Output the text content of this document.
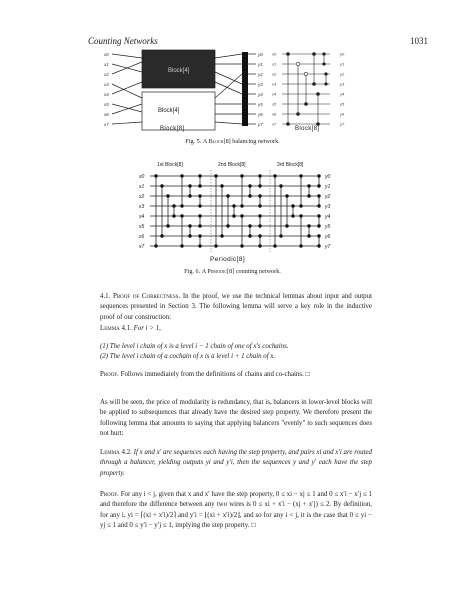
Counting Networks	1031
Block[4]
Block[4]
x0
x1
x2
x3
x4
x5
x6
x7
y0
y1
y2
y3
y4
y5
y6
y7
x0
x1
x2
x3
x4
x5
x6
x7
y0
y1
y2
y3
y4
y5
y6
y7
Block[8]	Block[8]
Fig. 5. A Block[8] balancing network.
1st Block[8]	2nd Block[8]	3rd Block[8]
x0
x1
x2
x3
x4
x5
x6
x7
y0
y1
y2
y3
y4
y5
y6
y7
Periodic[8]
Fig. 6. A Periodic[8] counting network.
4.1. Proof of Correctness. In the proof, we use the technical lemmas about input and output sequences presented in Section 3. The following lemma will serve a key role in the inductive proof of our construction:
Lemma 4.1. For i > 1,

(1) The level i chain of x is a level i − 1 chain of one of x's cochains.

(2) The level i chain of a cochain of x is a level i + 1 chain of x.

Proof. Follows immediately from the definitions of chains and co-chains. □
As will be seen, the price of modularity is redundancy, that is, balancers in lower-level blocks will be applied to subsequences that already have the desired step property. We therefore present the following lemma that amounts to saying that applying balancers "evenly" to such sequences does not hurt:
Lemma 4.2. If x and x′ are sequences each having the step property, and pairs xi and x′i are routed through a balancer, yielding outputs yi and y′i, then the sequences y and y′ each have the step property.
Proof. For any i < j, given that x and x′ have the step property, 0 ≤ xi − xj ≤ 1 and 0 ≤ x′i − x′j ≤ 1 and therefore the difference between any two wires is 0 ≤ xi + x′i − (xj + x′j) ≤ 2. By definition, for any i, yi = ⌈(xi + x′i)/2⌉ and y′i = ⌊(xi + x′i)/2⌋, and so for any i < j, it is the case that 0 ≤ yi − yj ≤ 1 and 0 ≤ y′i − y′j ≤ 1, implying the step property. □
